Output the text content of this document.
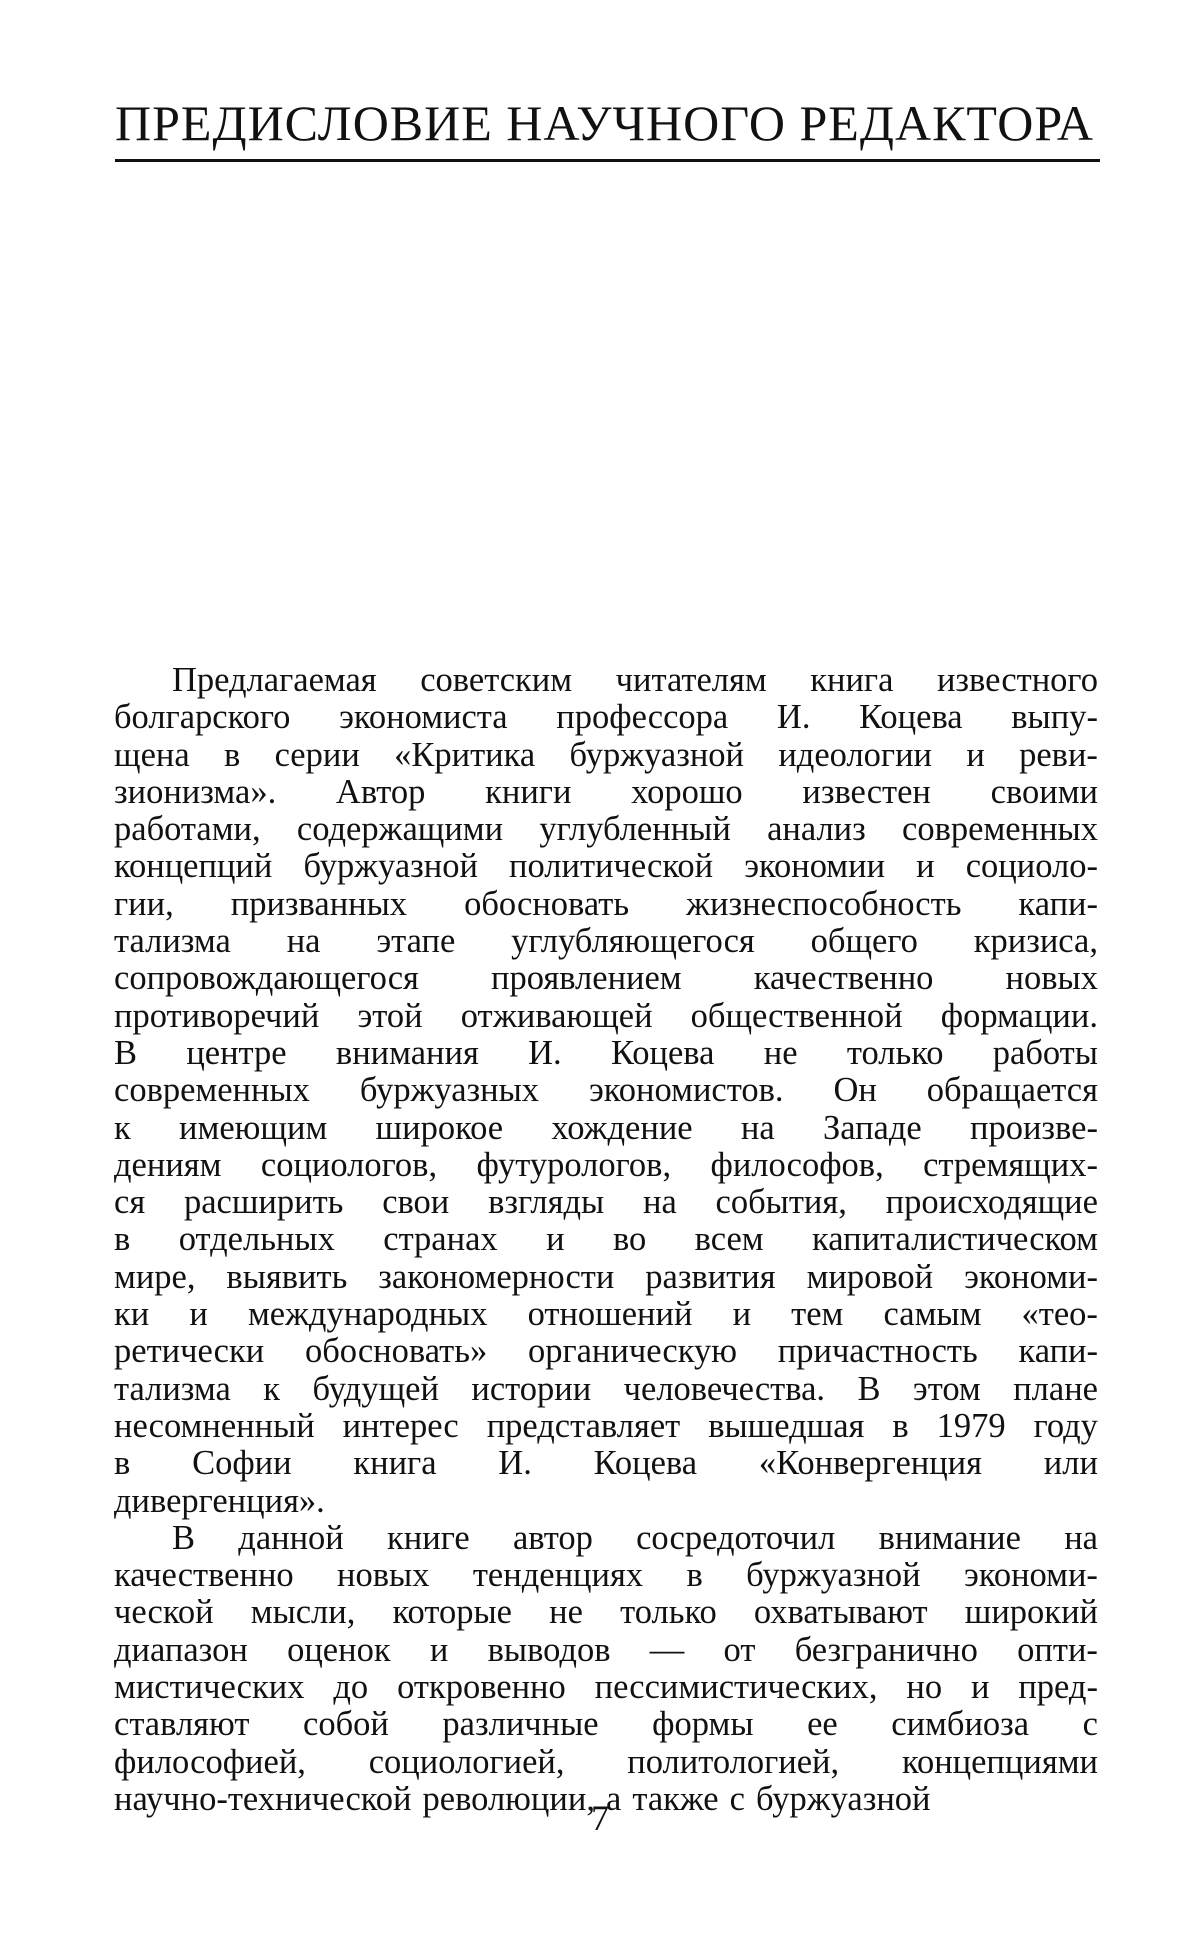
ПРЕДИСЛОВИЕ НАУЧНОГО РЕДАКТОРА
Предлагаемая советским читателям книга известного
болгарского экономиста профессора И. Коцева выпу-
щена в серии «Критика буржуазной идеологии и реви-
зионизма». Автор книги хорошо известен своими
работами, содержащими углубленный анализ современных
концепций буржуазной политической экономии и социоло-
гии, призванных обосновать жизнеспособность капи-
тализма на этапе углубляющегося общего кризиса,
сопровождающегося проявлением качественно новых
противоречий этой отживающей общественной формации.
В центре внимания И. Коцева не только работы
современных буржуазных экономистов. Он обращается
к имеющим широкое хождение на Западе произве-
дениям социологов, футурологов, философов, стремящих-
ся расширить свои взгляды на события, происходящие
в отдельных странах и во всем капиталистическом
мире, выявить закономерности развития мировой экономи-
ки и международных отношений и тем самым «тео-
ретически обосновать» органическую причастность капи-
тализма к будущей истории человечества. В этом плане
несомненный интерес представляет вышедшая в 1979 году
в Софии книга И. Коцева «Конвергенция или
дивергенция».
В данной книге автор сосредоточил внимание на
качественно новых тенденциях в буржуазной экономи-
ческой мысли, которые не только охватывают широкий
диапазон оценок и выводов — от безгранично опти-
мистических до откровенно пессимистических, но и пред-
ставляют собой различные формы ее симбиоза с
философией, социологией, политологией, концепциями
научно-технической революции, а также с буржуазной
7
